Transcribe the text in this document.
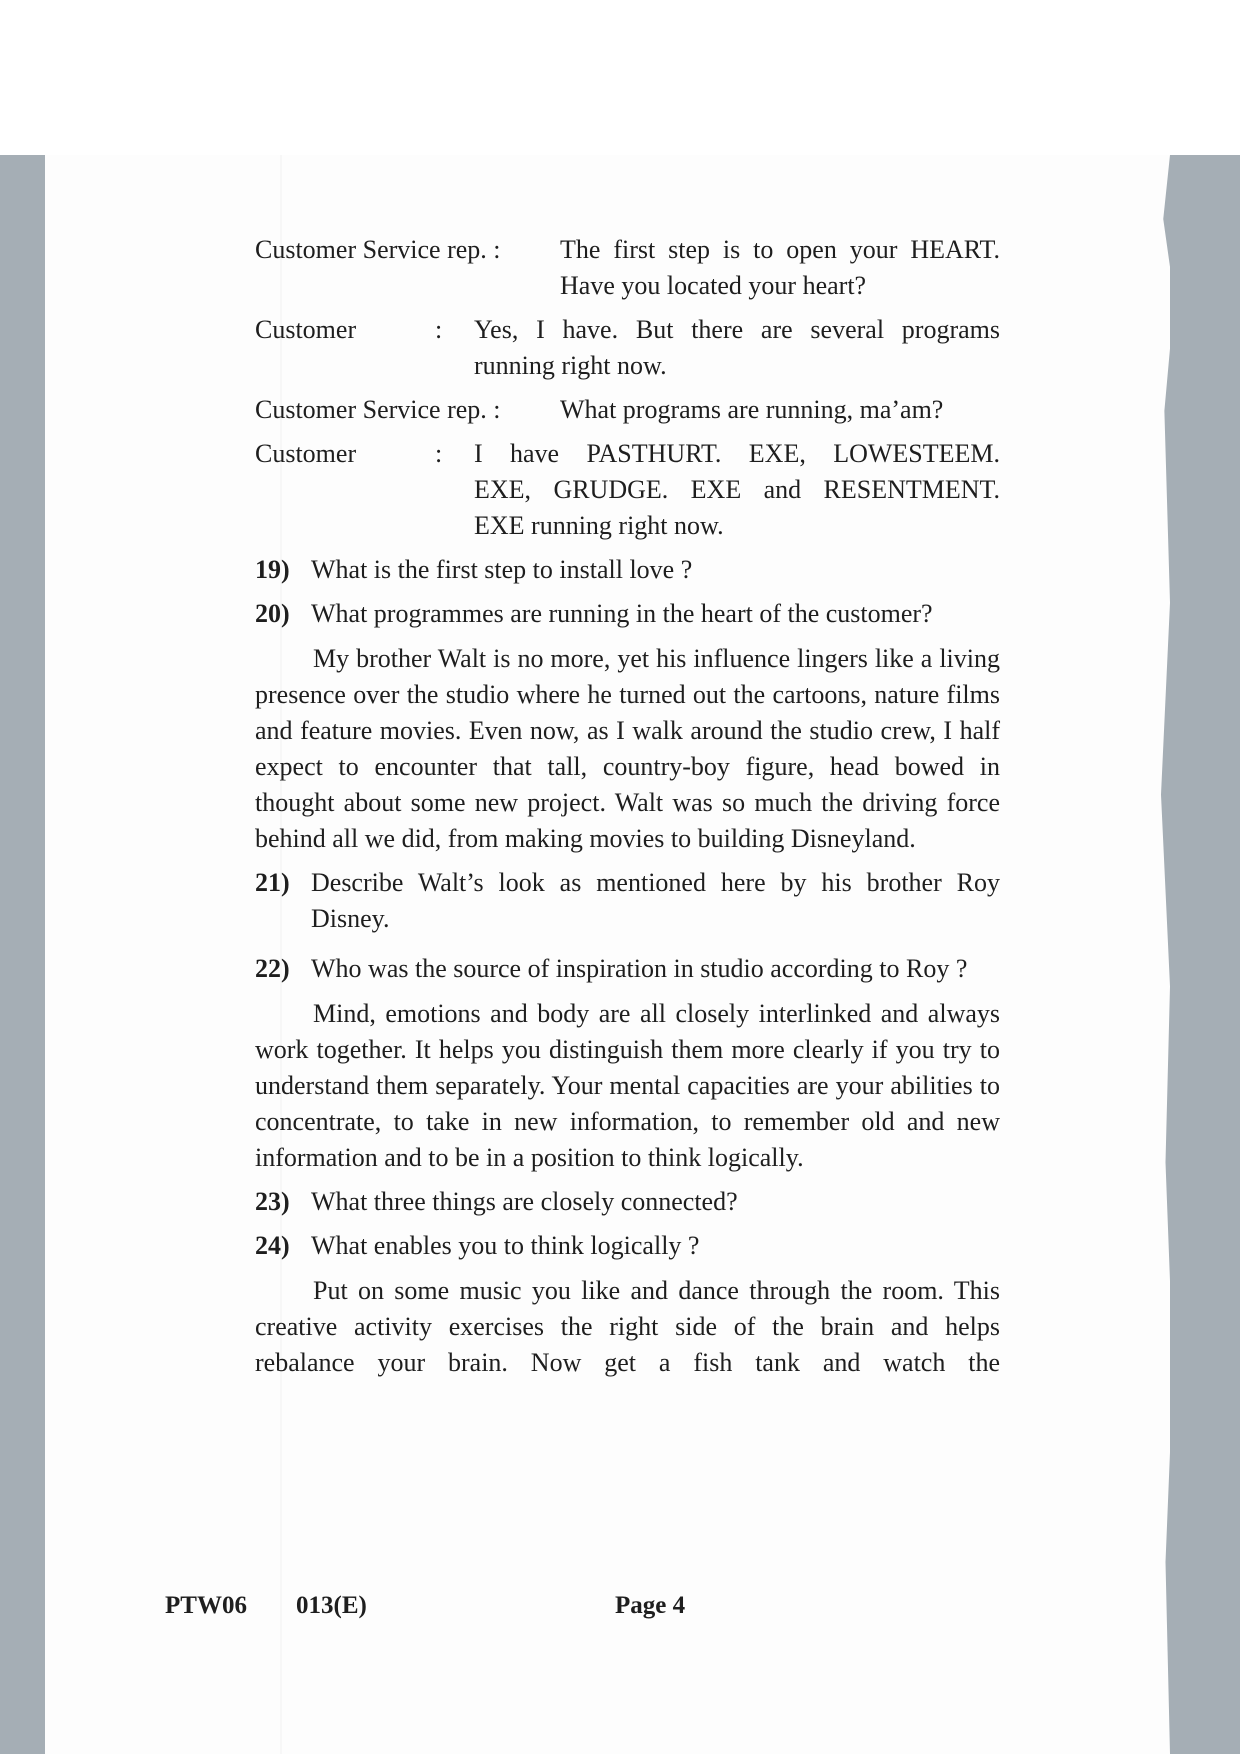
Customer Service rep. :	The first step is to open your HEART.
Have you located your heart?
Customer	:	Yes, I have. But there are several programs
running right now.
Customer Service rep. :	What programs are running, ma’am?
Customer	:	I have PASTHURT. EXE, LOWESTEEM.
EXE, GRUDGE. EXE and RESENTMENT.
EXE running right now.
19) What is the first step to install love ?
20) What programmes are running in the heart of the customer?

My brother Walt is no more, yet his influence lingers like a living presence over the studio where he turned out the cartoons, nature films and feature movies. Even now, as I walk around the studio crew, I half expect to encounter that tall, country-boy figure, head bowed in thought about some new project. Walt was so much the driving force behind all we did, from making movies to building Disneyland.

21) Describe Walt’s look as mentioned here by his brother Roy Disney.
22) Who was the source of inspiration in studio according to Roy ?

Mind, emotions and body are all closely interlinked and always work together. It helps you distinguish them more clearly if you try to understand them separately. Your mental capacities are your abilities to concentrate, to take in new information, to remember old and new information and to be in a position to think logically.

23) What three things are closely connected?
24) What enables you to think logically ?

Put on some music you like and dance through the room. This creative activity exercises the right side of the brain and helps rebalance your brain. Now get a fish tank and watch the

PTW06 013(E)	Page 4
